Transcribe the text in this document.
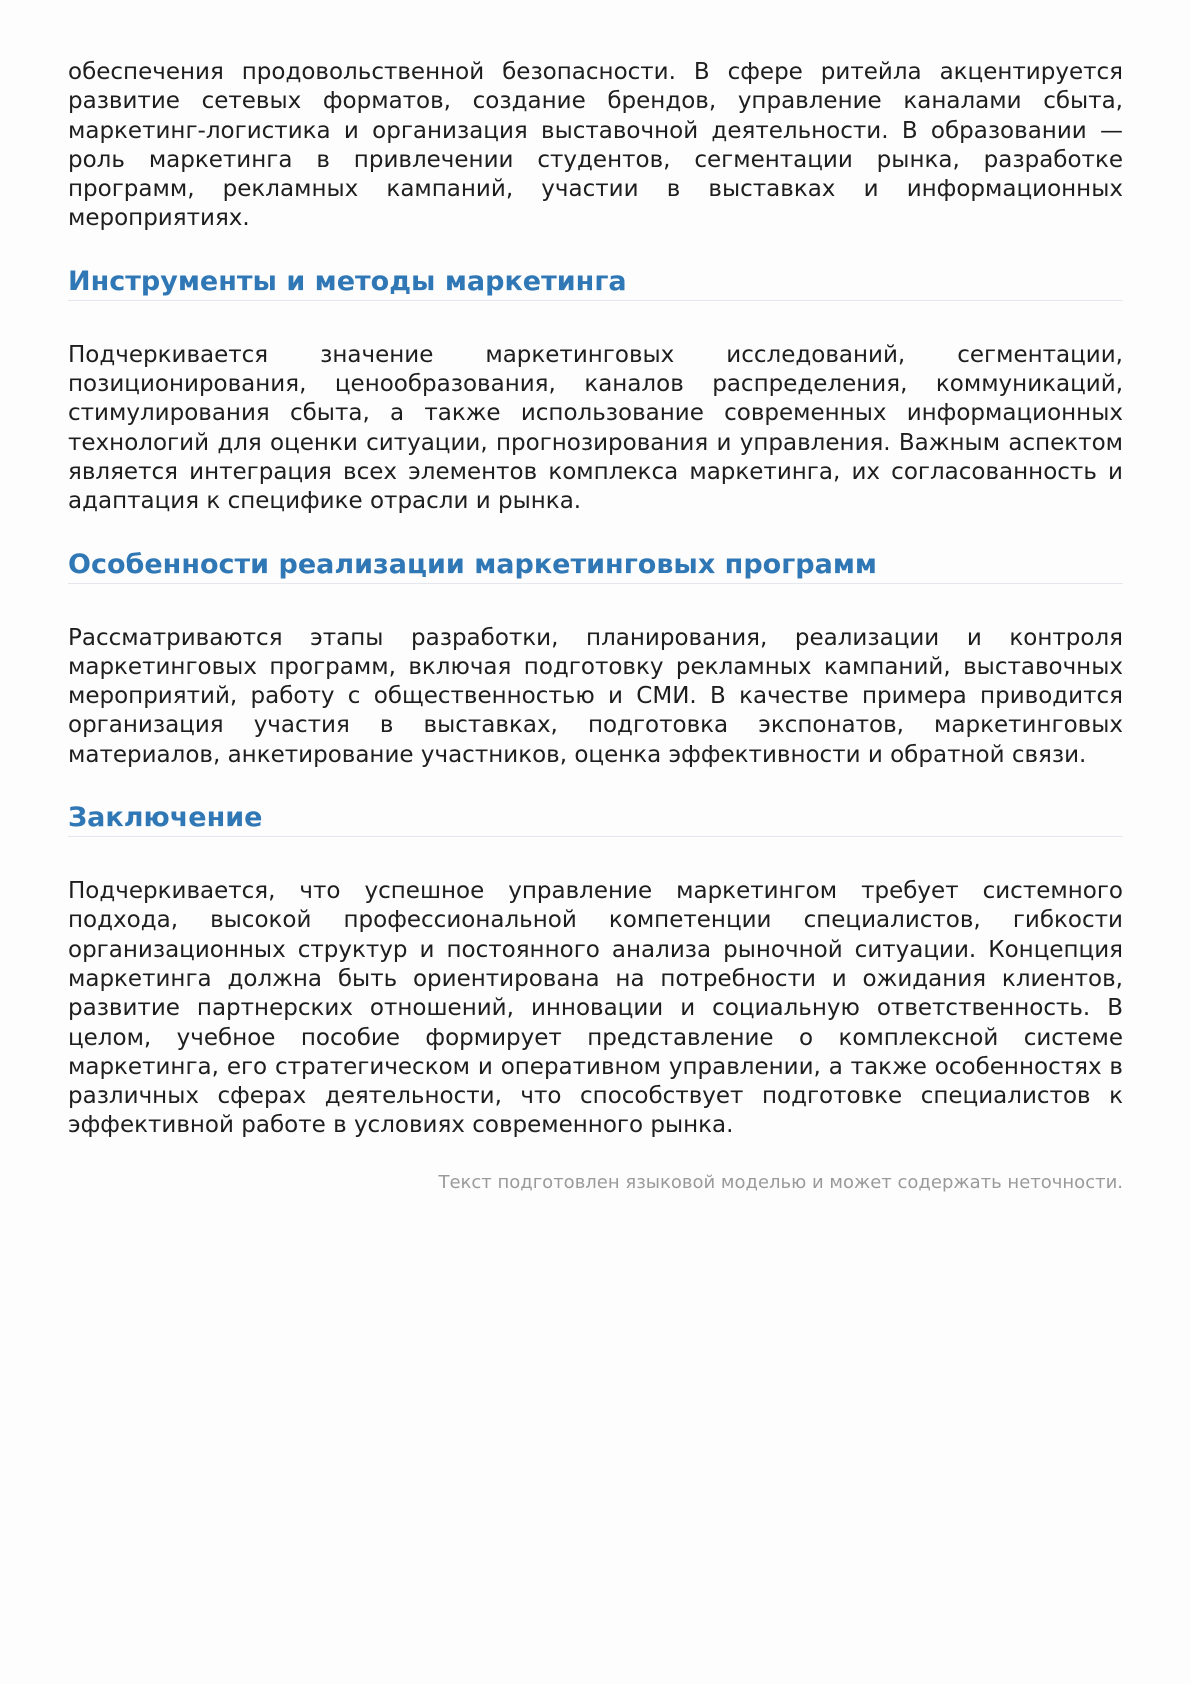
обеспечения продовольственной безопасности. В сфере ритейла акцентируется развитие сетевых форматов, создание брендов, управление каналами сбыта, маркетинг-логистика и организация выставочной деятельности. В образовании — роль маркетинга в привлечении студентов, сегментации рынка, разработке программ, рекламных кампаний, участии в выставках и информационных мероприятиях.

Инструменты и методы маркетинга

Подчеркивается значение маркетинговых исследований, сегментации, позиционирования, ценообразования, каналов распределения, коммуникаций, стимулирования сбыта, а также использование современных информационных технологий для оценки ситуации, прогнозирования и управления. Важным аспектом является интеграция всех элементов комплекса маркетинга, их согласованность и адаптация к специфике отрасли и рынка.

Особенности реализации маркетинговых программ

Рассматриваются этапы разработки, планирования, реализации и контроля маркетинговых программ, включая подготовку рекламных кампаний, выставочных мероприятий, работу с общественностью и СМИ. В качестве примера приводится организация участия в выставках, подготовка экспонатов, маркетинговых материалов, анкетирование участников, оценка эффективности и обратной связи.

Заключение

Подчеркивается, что успешное управление маркетингом требует системного подхода, высокой профессиональной компетенции специалистов, гибкости организационных структур и постоянного анализа рыночной ситуации. Концепция маркетинга должна быть ориентирована на потребности и ожидания клиентов, развитие партнерских отношений, инновации и социальную ответственность. В целом, учебное пособие формирует представление о комплексной системе маркетинга, его стратегическом и оперативном управлении, а также особенностях в различных сферах деятельности, что способствует подготовке специалистов к эффективной работе в условиях современного рынка.

Текст подготовлен языковой моделью и может содержать неточности.
